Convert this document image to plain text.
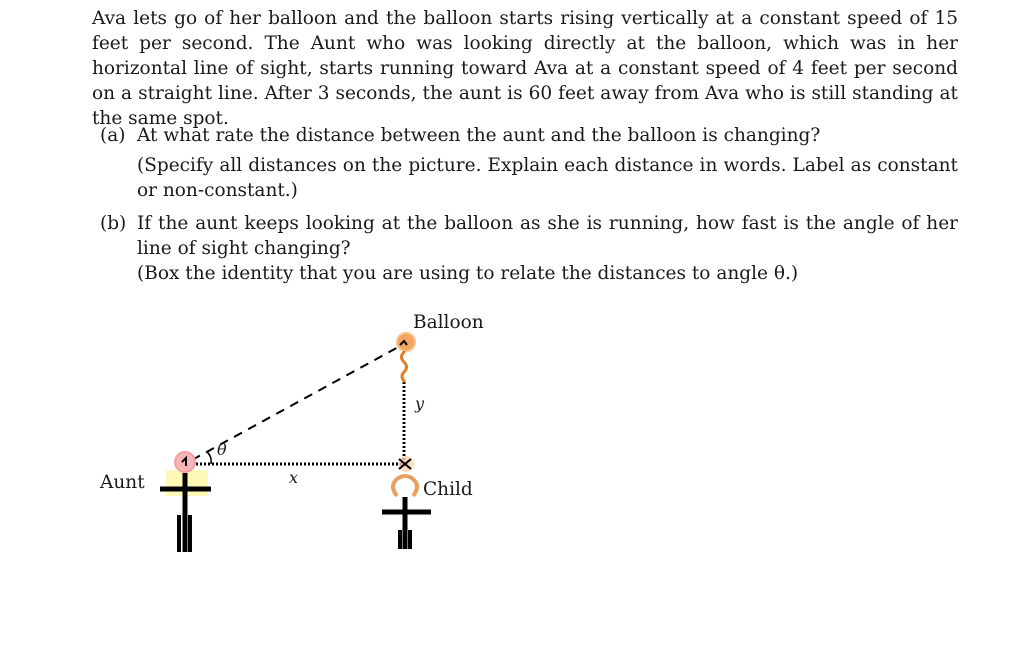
Ava lets go of her balloon and the balloon starts rising vertically at a constant speed of 15 feet per second. The Aunt who was looking directly at the balloon, which was in her horizontal line of sight, starts running toward Ava at a constant speed of 4 feet per second on a straight line. After 3 seconds, the aunt is 60 feet away from Ava who is still standing at the same spot.

(a) At what rate the distance between the aunt and the balloon is changing?
(Specify all distances on the picture. Explain each distance in words. Label as constant or non-constant.)
(b) If the aunt keeps looking at the balloon as she is running, how fast is the angle of her line of sight changing?
(Box the identity that you are using to relate the distances to angle θ.)
Balloon
Aunt	Child
x
y
θ
